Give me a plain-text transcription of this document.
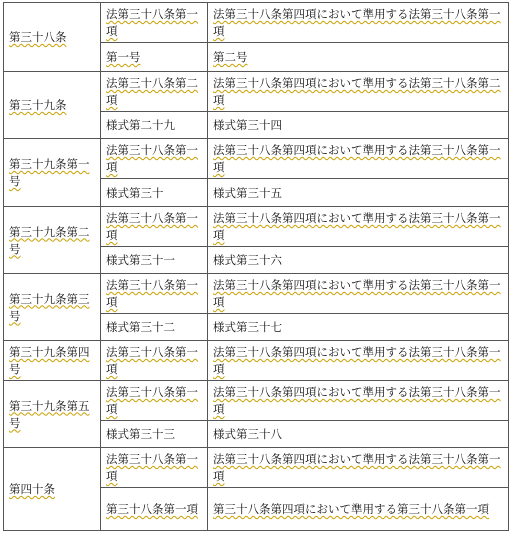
第三十八条	法第三十八条第一項	法第三十八条第四項において準用する法第三十八条第一項
	第一号	第二号
第三十九条	法第三十八条第二項	法第三十八条第四項において準用する法第三十八条第二項
	様式第二十九	様式第三十四
第三十九条第一号	法第三十八条第一項	法第三十八条第四項において準用する法第三十八条第一項
	様式第三十	様式第三十五
第三十九条第二号	法第三十八条第一項	法第三十八条第四項において準用する法第三十八条第一項
	様式第三十一	様式第三十六
第三十九条第三号	法第三十八条第一項	法第三十八条第四項において準用する法第三十八条第一項
	様式第三十二	様式第三十七
第三十九条第四号	法第三十八条第一項	法第三十八条第四項において準用する法第三十八条第一項
第三十九条第五号	法第三十八条第一項	法第三十八条第四項において準用する法第三十八条第一項
	様式第三十三	様式第三十八
第四十条	法第三十八条第一項	法第三十八条第四項において準用する法第三十八条第一項
	第三十八条第一項	第三十八条第四項において準用する第三十八条第一項
